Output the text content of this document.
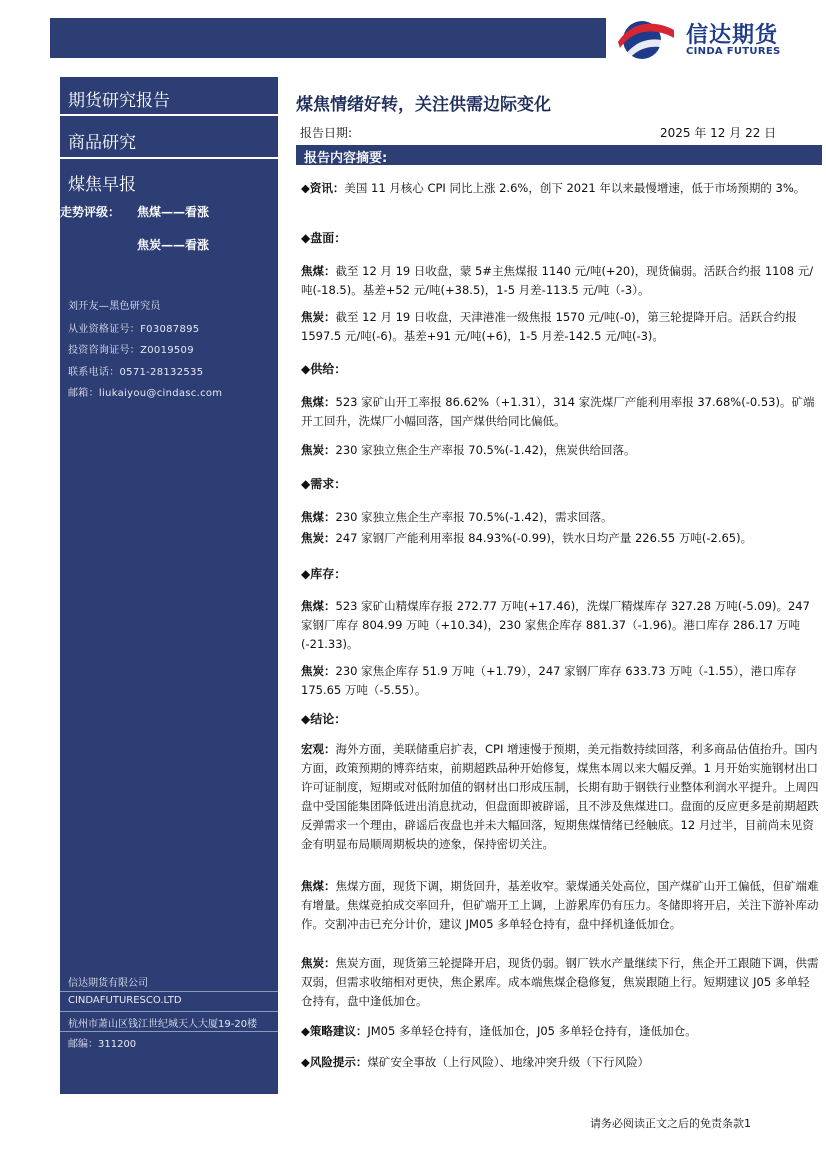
信达期货
CINDA FUTURES
期货研究报告
商品研究
煤焦早报
走势评级： 焦煤——看涨
焦炭——看涨
刘开友—黑色研究员
从业资格证号：F03087895
投资咨询证号：Z0019509
联系电话：0571-28132535
邮箱：liukaiyou@cindasc.com
信达期货有限公司
CINDAFUTURESCO.LTD
杭州市萧山区钱江世纪城天人大厦19-20楼
邮编：311200
煤焦情绪好转，关注供需边际变化
报告日期:	2025 年 12 月 22 日
报告内容摘要:
◆资讯：美国 11 月核心 CPI 同比上涨 2.6%，创下 2021 年以来最慢增速，低于市场预期的 3%。
◆盘面：
焦煤：截至 12 月 19 日收盘，蒙 5#主焦煤报 1140 元/吨(+20)，现货偏弱。活跃合约报 1108 元/吨(-18.5)。基差+52 元/吨(+38.5)，1-5 月差-113.5 元/吨（-3）。
焦炭：截至 12 月 19 日收盘，天津港准一级焦报 1570 元/吨(-0)，第三轮提降开启。活跃合约报 1597.5 元/吨(-6)。基差+91 元/吨(+6)，1-5 月差-142.5 元/吨(-3)。
◆供给：
焦煤：523 家矿山开工率报 86.62%（+1.31），314 家洗煤厂产能利用率报 37.68%(-0.53)。矿端开工回升，洗煤厂小幅回落，国产煤供给同比偏低。
焦炭：230 家独立焦企生产率报 70.5%(-1.42)，焦炭供给回落。
◆需求：
焦煤：230 家独立焦企生产率报 70.5%(-1.42)，需求回落。
焦炭：247 家钢厂产能利用率报 84.93%(-0.99)，铁水日均产量 226.55 万吨(-2.65)。
◆库存：
焦煤：523 家矿山精煤库存报 272.77 万吨(+17.46)，洗煤厂精煤库存 327.28 万吨(-5.09)。247 家钢厂库存 804.99 万吨（+10.34)，230 家焦企库存 881.37（-1.96)。港口库存 286.17 万吨(-21.33)。
焦炭：230 家焦企库存 51.9 万吨（+1.79），247 家钢厂库存 633.73 万吨（-1.55），港口库存 175.65 万吨（-5.55）。
◆结论：
宏观：海外方面，美联储重启扩表，CPI 增速慢于预期，美元指数持续回落，利多商品估值抬升。国内方面，政策预期的博弈结束，前期超跌品种开始修复，煤焦本周以来大幅反弹。1 月开始实施钢材出口许可证制度，短期或对低附加值的钢材出口形成压制，长期有助于钢铁行业整体利润水平提升。上周四盘中受国能集团降低进出消息扰动，但盘面即被辟谣，且不涉及焦煤进口。盘面的反应更多是前期超跌反弹需求一个理由，辟谣后夜盘也并未大幅回落，短期焦煤情绪已经触底。12 月过半，目前尚未见资金有明显布局顺周期板块的迹象，保持密切关注。
焦煤：焦煤方面，现货下调，期货回升，基差收窄。蒙煤通关处高位，国产煤矿山开工偏低，但矿端难有增量。焦煤竞拍成交率回升，但矿端开工上调，上游累库仍有压力。冬储即将开启，关注下游补库动作。交割冲击已充分计价，建议 JM05 多单轻仓持有，盘中择机逢低加仓。
焦炭：焦炭方面，现货第三轮提降开启，现货仍弱。钢厂铁水产量继续下行，焦企开工跟随下调，供需双弱，但需求收缩相对更快，焦企累库。成本端焦煤企稳修复，焦炭跟随上行。短期建议 J05 多单轻仓持有，盘中逢低加仓。
◆策略建议：JM05 多单轻仓持有，逢低加仓，J05 多单轻仓持有，逢低加仓。
◆风险提示：煤矿安全事故（上行风险）、地缘冲突升级（下行风险）
请务必阅读正文之后的免责条款1
